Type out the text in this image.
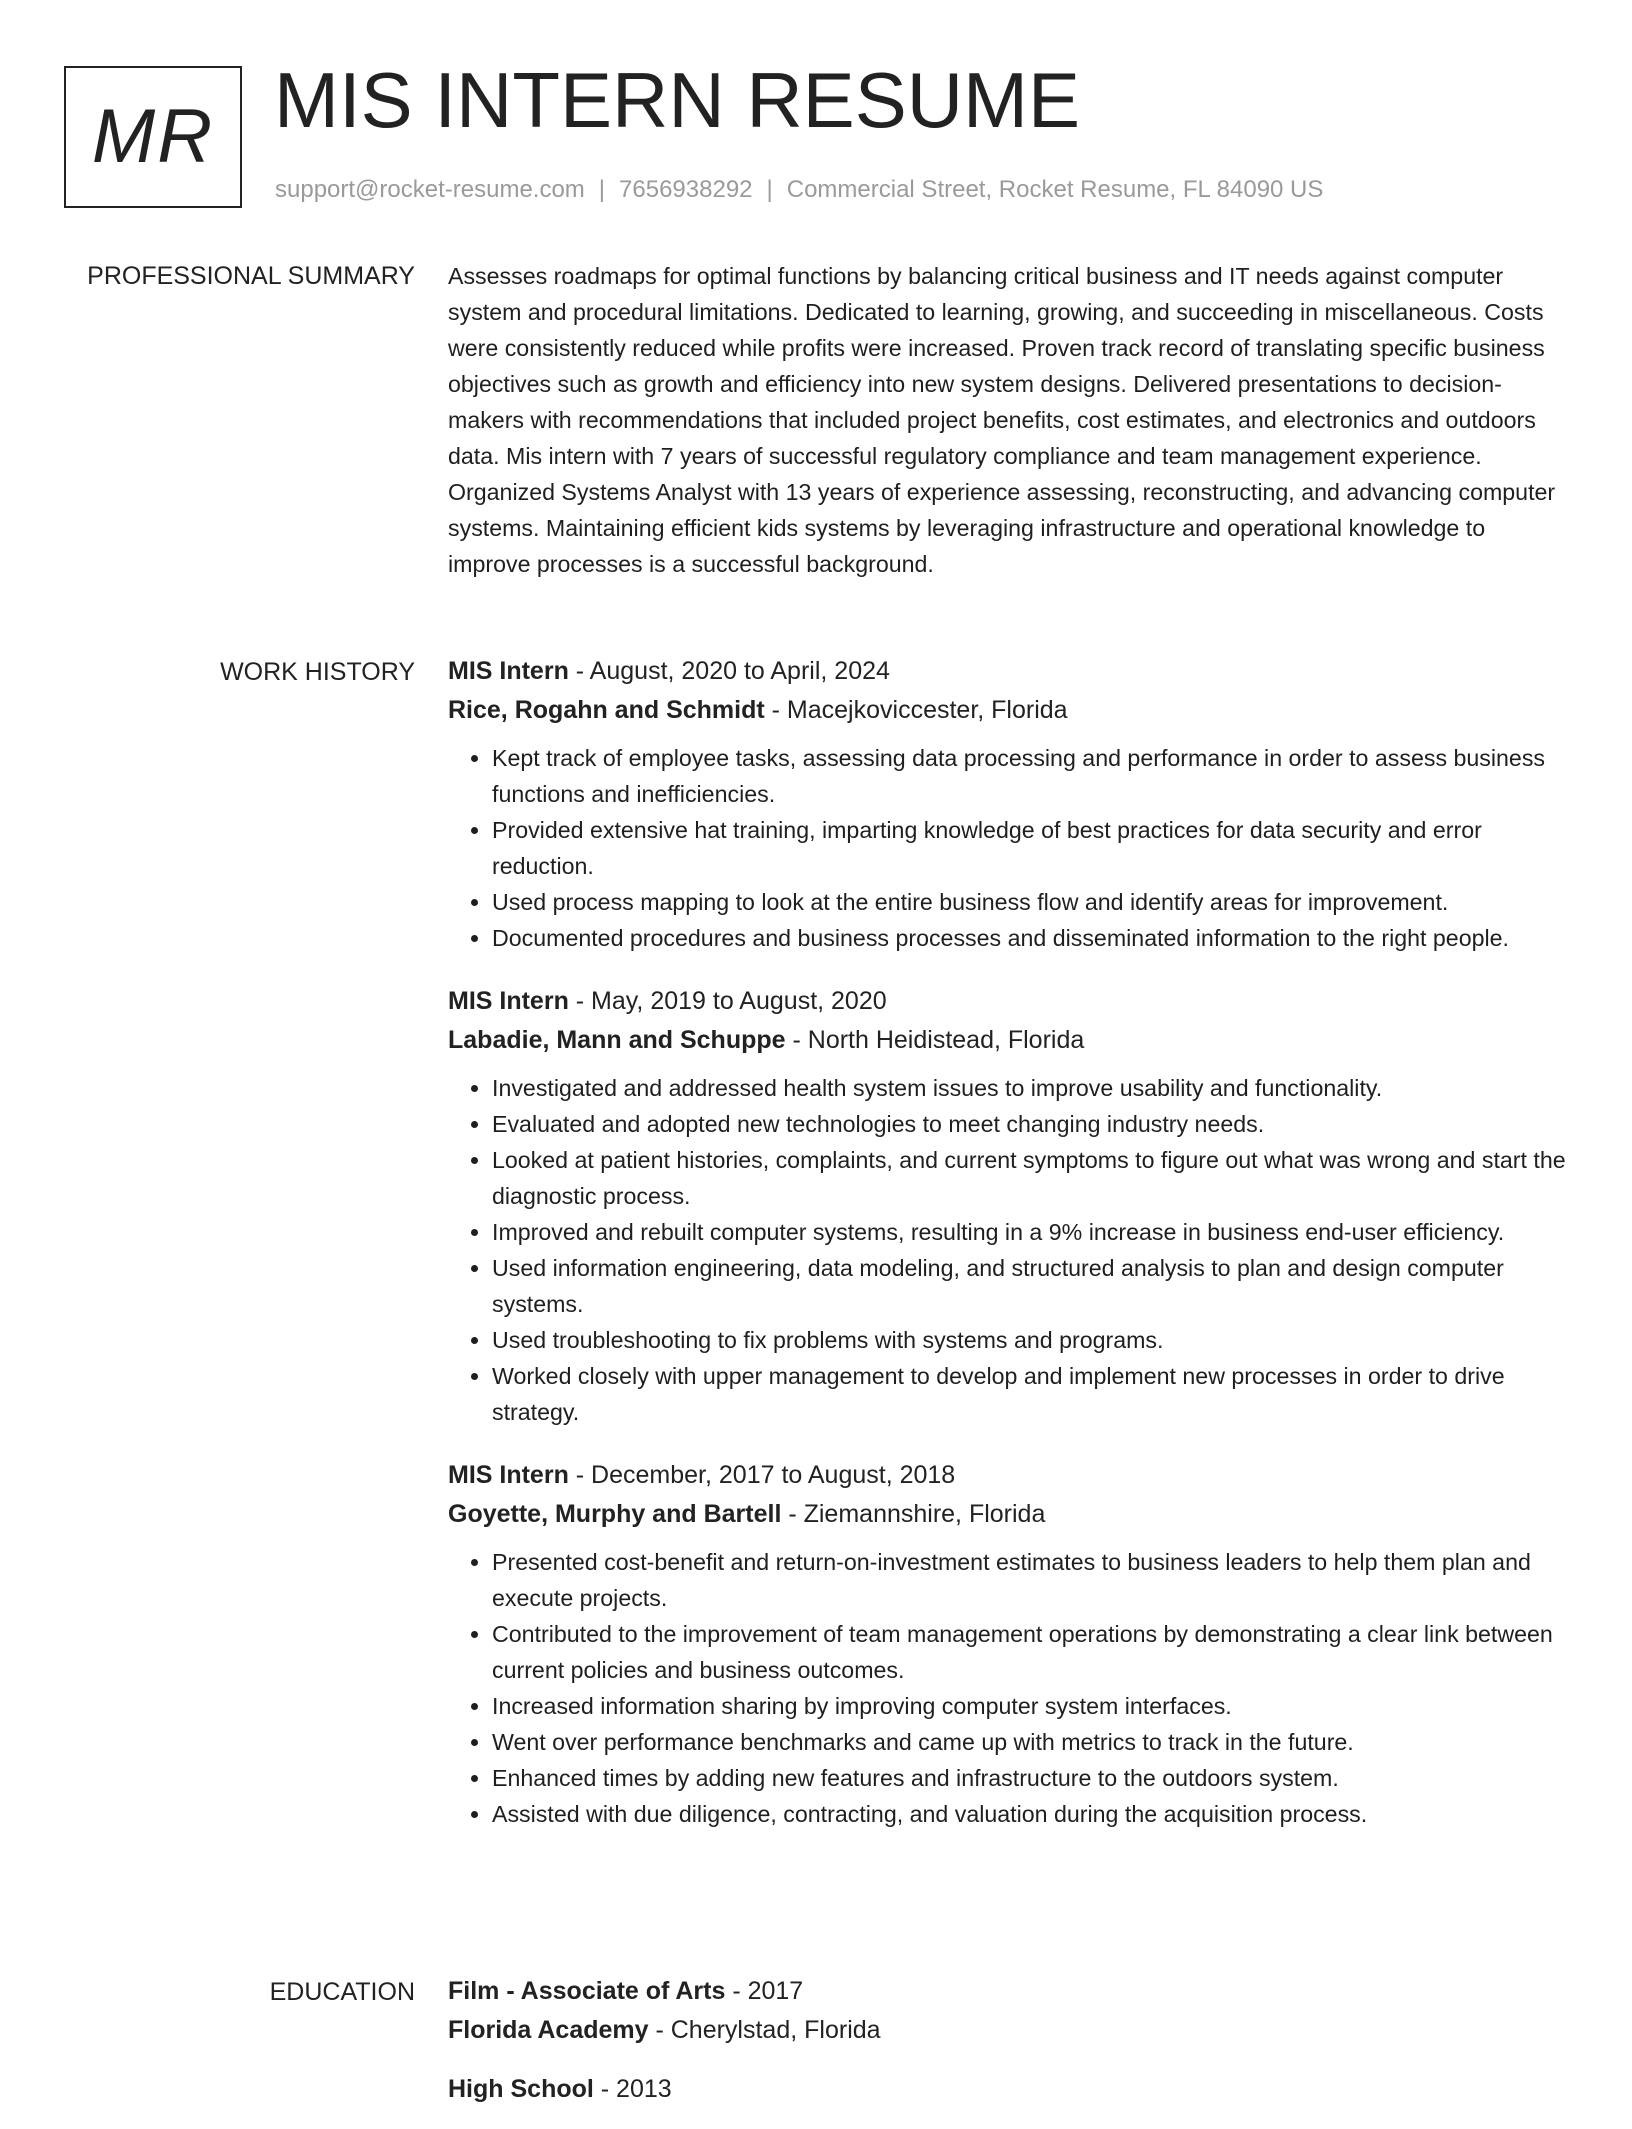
MR MIS INTERN RESUME
support@rocket-resume.com | 7656938292 | Commercial Street, Rocket Resume, FL 84090 US
PROFESSIONAL SUMMARY Assesses roadmaps for optimal functions by balancing critical business and IT needs against computer system and procedural limitations. Dedicated to learning, growing, and succeeding in miscellaneous. Costs were consistently reduced while profits were increased. Proven track record of translating specific business objectives such as growth and efficiency into new system designs. Delivered presentations to decision-makers with recommendations that included project benefits, cost estimates, and electronics and outdoors data. Mis intern with 7 years of successful regulatory compliance and team management experience. Organized Systems Analyst with 13 years of experience assessing, reconstructing, and advancing computer systems. Maintaining efficient kids systems by leveraging infrastructure and operational knowledge to improve processes is a successful background.

WORK HISTORY MIS Intern - August, 2020 to April, 2024
Rice, Rogahn and Schmidt - Macejkoviccester, Florida
• Kept track of employee tasks, assessing data processing and performance in order to assess business functions and inefficiencies.
• Provided extensive hat training, imparting knowledge of best practices for data security and error reduction.
• Used process mapping to look at the entire business flow and identify areas for improvement.
• Documented procedures and business processes and disseminated information to the right people.
MIS Intern - May, 2019 to August, 2020
Labadie, Mann and Schuppe - North Heidistead, Florida
• Investigated and addressed health system issues to improve usability and functionality.
• Evaluated and adopted new technologies to meet changing industry needs.
• Looked at patient histories, complaints, and current symptoms to figure out what was wrong and start the diagnostic process.
• Improved and rebuilt computer systems, resulting in a 9% increase in business end-user efficiency.
• Used information engineering, data modeling, and structured analysis to plan and design computer systems.
• Used troubleshooting to fix problems with systems and programs.
• Worked closely with upper management to develop and implement new processes in order to drive strategy.
MIS Intern - December, 2017 to August, 2018
Goyette, Murphy and Bartell - Ziemannshire, Florida
• Presented cost-benefit and return-on-investment estimates to business leaders to help them plan and execute projects.
• Contributed to the improvement of team management operations by demonstrating a clear link between current policies and business outcomes.
• Increased information sharing by improving computer system interfaces.
• Went over performance benchmarks and came up with metrics to track in the future.
• Enhanced times by adding new features and infrastructure to the outdoors system.
• Assisted with due diligence, contracting, and valuation during the acquisition process.
EDUCATION Film - Associate of Arts - 2017
Florida Academy - Cherylstad, Florida
High School - 2013
